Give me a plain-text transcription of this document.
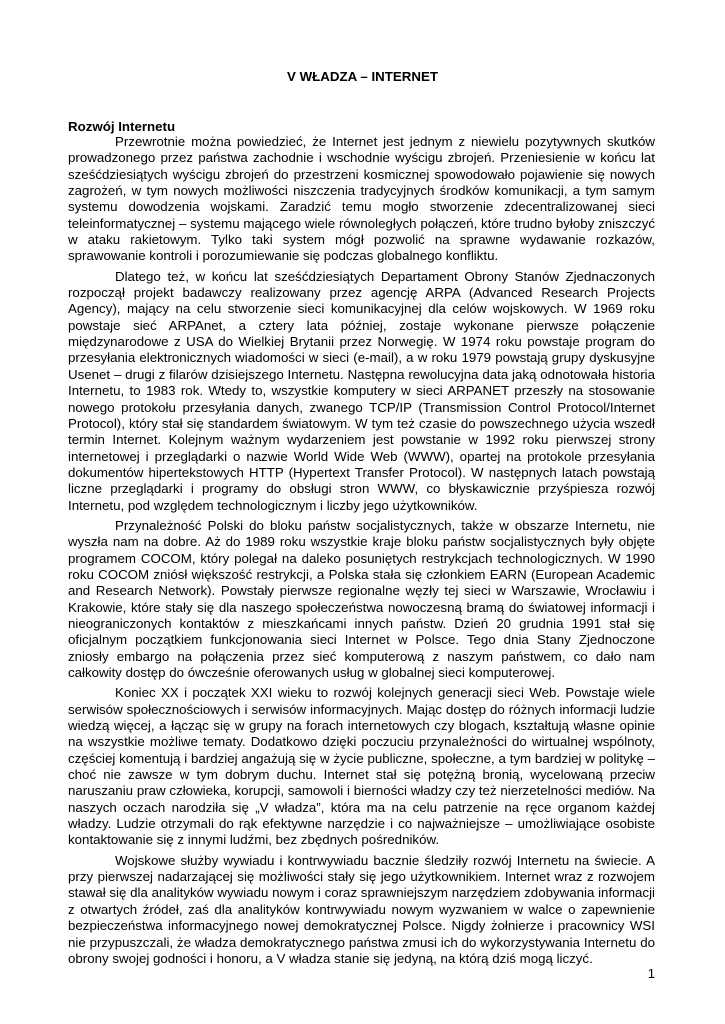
V WŁADZA – INTERNET
Rozwój Internetu

Przewrotnie można powiedzieć, że Internet jest jednym z niewielu pozytywnych skutków prowadzonego przez państwa zachodnie i wschodnie wyścigu zbrojeń. Przeniesienie w końcu lat sześćdziesiątych wyścigu zbrojeń do przestrzeni kosmicznej spowodowało pojawienie się nowych zagrożeń, w tym nowych możliwości niszczenia tradycyjnych środków komunikacji, a tym samym systemu dowodzenia wojskami. Zaradzić temu mogło stworzenie zdecentralizowanej sieci teleinformatycznej – systemu mającego wiele równoległych połączeń, które trudno byłoby zniszczyć w ataku rakietowym. Tylko taki system mógł pozwolić na sprawne wydawanie rozkazów, sprawowanie kontroli i porozumiewanie się podczas globalnego konfliktu.

Dlatego też, w końcu lat sześćdziesiątych Departament Obrony Stanów Zjednaczonych rozpoczął projekt badawczy realizowany przez agencję ARPA (Advanced Research Projects Agency), mający na celu stworzenie sieci komunikacyjnej dla celów wojskowych. W 1969 roku powstaje sieć ARPAnet, a cztery lata później, zostaje wykonane pierwsze połączenie międzynarodowe z USA do Wielkiej Brytanii przez Norwegię. W 1974 roku powstaje program do przesyłania elektronicznych wiadomości w sieci (e-mail), a w roku 1979 powstają grupy dyskusyjne Usenet – drugi z filarów dzisiejszego Internetu. Następna rewolucyjna data jaką odnotowała historia Internetu, to 1983 rok. Wtedy to, wszystkie komputery w sieci ARPANET przeszły na stosowanie nowego protokołu przesyłania danych, zwanego TCP/IP (Transmission Control Protocol/Internet Protocol), który stał się standardem światowym. W tym też czasie do powszechnego użycia wszedł termin Internet. Kolejnym ważnym wydarzeniem jest powstanie w 1992 roku pierwszej strony internetowej i przeglądarki o nazwie World Wide Web (WWW), opartej na protokole przesyłania dokumentów hipertekstowych HTTP (Hypertext Transfer Protocol). W następnych latach powstają liczne przeglądarki i programy do obsługi stron WWW, co błyskawicznie przyśpiesza rozwój Internetu, pod względem technologicznym i liczby jego użytkowników.

Przynależność Polski do bloku państw socjalistycznych, także w obszarze Internetu, nie wyszła nam na dobre. Aż do 1989 roku wszystkie kraje bloku państw socjalistycznych były objęte programem COCOM, który polegał na daleko posuniętych restrykcjach technologicznych. W 1990 roku COCOM zniósł większość restrykcji, a Polska stała się członkiem EARN (European Academic and Research Network). Powstały pierwsze regionalne węzły tej sieci w Warszawie, Wrocławiu i Krakowie, które stały się dla naszego społeczeństwa nowoczesną bramą do światowej informacji i nieograniczonych kontaktów z mieszkańcami innych państw. Dzień 20 grudnia 1991 stał się oficjalnym początkiem funkcjonowania sieci Internet w Polsce. Tego dnia Stany Zjednoczone zniosły embargo na połączenia przez sieć komputerową z naszym państwem, co dało nam całkowity dostęp do ówcześnie oferowanych usług w globalnej sieci komputerowej.

Koniec XX i początek XXI wieku to rozwój kolejnych generacji sieci Web. Powstaje wiele serwisów społecznościowych i serwisów informacyjnych. Mając dostęp do różnych informacji ludzie wiedzą więcej, a łącząc się w grupy na forach internetowych czy blogach, kształtują własne opinie na wszystkie możliwe tematy. Dodatkowo dzięki poczuciu przynależności do wirtualnej wspólnoty, częściej komentują i bardziej angażują się w życie publiczne, społeczne, a tym bardziej w politykę – choć nie zawsze w tym dobrym duchu. Internet stał się potężną bronią, wycelowaną przeciw naruszaniu praw człowieka, korupcji, samowoli i bierności władzy czy też nierzetelności mediów. Na naszych oczach narodziła się „V władza”, która ma na celu patrzenie na ręce organom każdej władzy. Ludzie otrzymali do rąk efektywne narzędzie i co najważniejsze – umożliwiające osobiste kontaktowanie się z innymi ludźmi, bez zbędnych pośredników.

Wojskowe służby wywiadu i kontrwywiadu bacznie śledziły rozwój Internetu na świecie. A przy pierwszej nadarzającej się możliwości stały się jego użytkownikiem. Internet wraz z rozwojem stawał się dla analityków wywiadu nowym i coraz sprawniejszym narzędziem zdobywania informacji z otwartych źródeł, zaś dla analityków kontrwywiadu nowym wyzwaniem w walce o zapewnienie bezpieczeństwa informacyjnego nowej demokratycznej Polsce. Nigdy żołnierze i pracownicy WSI nie przypuszczali, że władza demokratycznego państwa zmusi ich do wykorzystywania Internetu do obrony swojej godności i honoru, a V władza stanie się jedyną, na którą dziś mogą liczyć.

1
